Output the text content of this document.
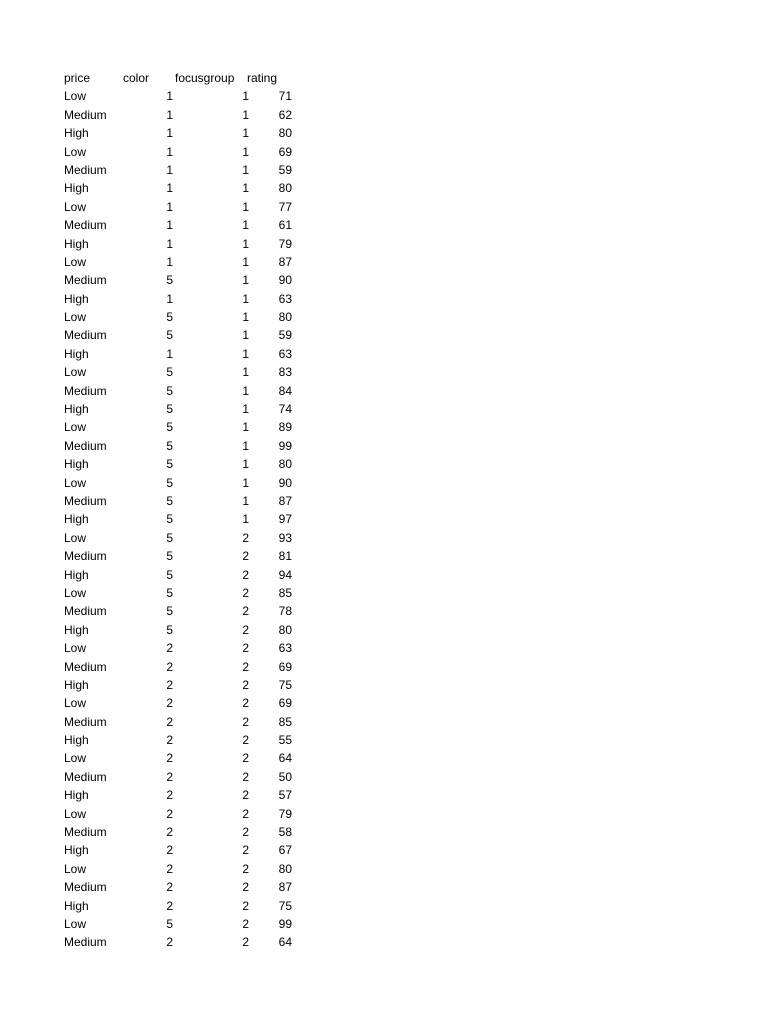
price	color focusgroup rating
Low	1	1 71
Medium	1	1 62
High	1	1 80
Low	1	1 69
Medium	1	1 59
High	1	1 80
Low	1	1 77
Medium	1	1 61
High	1	1 79
Low	1	1 87
Medium	5	1 90
High	1	1 63
Low	5	1 80
Medium	5	1 59
High	1	1 63
Low	5	1 83
Medium	5	1 84
High	5	1 74
Low	5	1 89
Medium	5	1 99
High	5	1 80
Low	5	1 90
Medium	5	1 87
High	5	1 97
Low	5	2 93
Medium	5	2 81
High	5	2 94
Low	5	2 85
Medium	5	2 78
High	5	2 80
Low	2	2 63
Medium	2	2 69
High	2	2 75
Low	2	2 69
Medium	2	2 85
High	2	2 55
Low	2	2 64
Medium	2	2 50
High	2	2 57
Low	2	2 79
Medium	2	2 58
High	2	2 67
Low	2	2 80
Medium	2	2 87
High	2	2 75
Low	5	2 99
Medium	2	2 64
